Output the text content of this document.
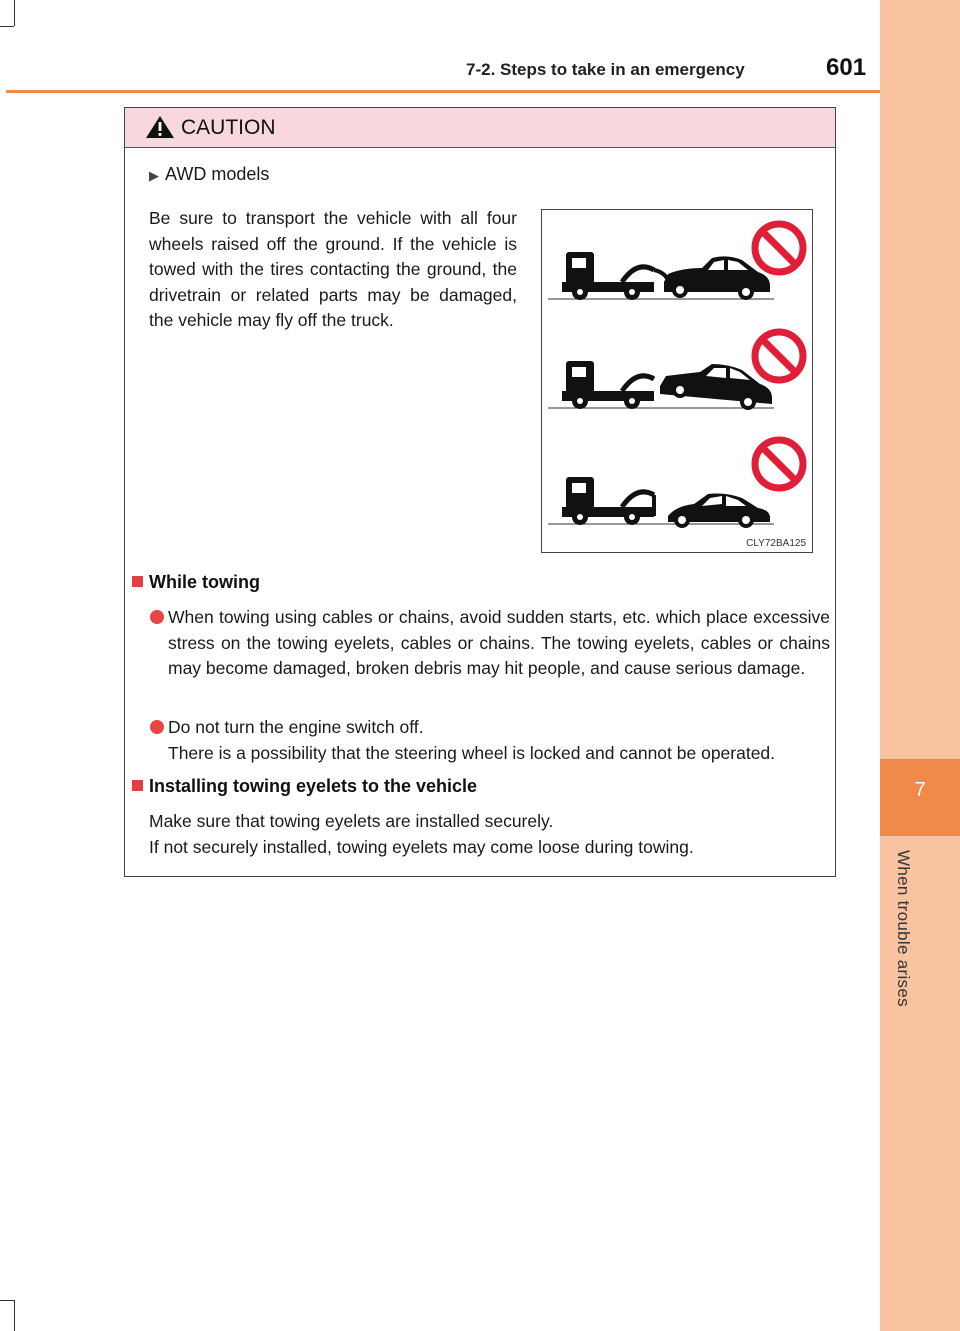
7-2. Steps to take in an emergency	601
7
When trouble arises
CAUTION
▶ AWD models
Be sure to transport the vehicle with all four wheels raised off the ground. If the vehicle is towed with the tires contacting the ground, the drivetrain or related parts may be damaged, the vehicle may fly off the truck.
CLY72BA125
While towing
When towing using cables or chains, avoid sudden starts, etc. which place excessive stress on the towing eyelets, cables or chains. The towing eyelets, cables or chains may become damaged, broken debris may hit people, and cause serious damage.
Do not turn the engine switch off.
There is a possibility that the steering wheel is locked and cannot be operated.
Installing towing eyelets to the vehicle
Make sure that towing eyelets are installed securely.
If not securely installed, towing eyelets may come loose during towing.
